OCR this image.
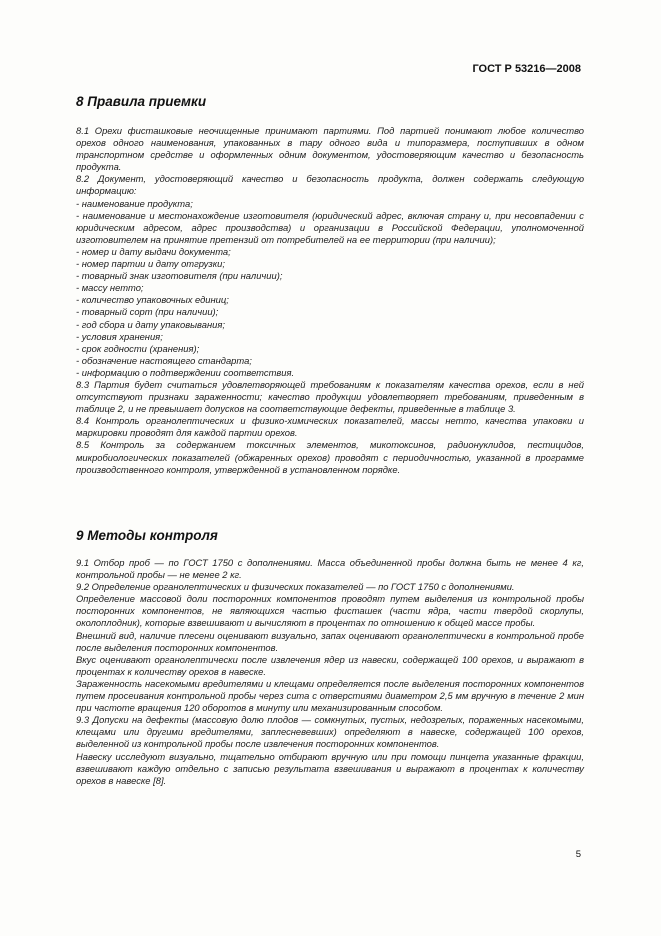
ГОСТ Р 53216—2008
8 Правила приемки

8.1 Орехи фисташковые неочищенные принимают партиями. Под партией понимают любое количество орехов одного наименования, упакованных в тару одного вида и типоразмера, поступивших в одном транспортном средстве и оформленных одним документом, удостоверяющим качество и безопасность продукта.

8.2 Документ, удостоверяющий качество и безопасность продукта, должен содержать следующую информацию:

- наименование продукта;

- наименование и местонахождение изготовителя (юридический адрес, включая страну и, при несовпадении с юридическим адресом, адрес производства) и организации в Российской Федерации, уполномоченной изготовителем на принятие претензий от потребителей на ее территории (при наличии);

- номер и дату выдачи документа;

- номер партии и дату отгрузки;

- товарный знак изготовителя (при наличии);

- массу нетто;

- количество упаковочных единиц;

- товарный сорт (при наличии);

- год сбора и дату упаковывания;

- условия хранения;

- срок годности (хранения);

- обозначение настоящего стандарта;

- информацию о подтверждении соответствия.

8.3 Партия будет считаться удовлетворяющей требованиям к показателям качества орехов, если в ней отсутствуют признаки зараженности; качество продукции удовлетворяет требованиям, приведенным в таблице 2, и не превышает допусков на соответствующие дефекты, приведенные в таблице 3.

8.4 Контроль органолептических и физико-химических показателей, массы нетто, качества упаковки и маркировки проводят для каждой партии орехов.

8.5 Контроль за содержанием токсичных элементов, микотоксинов, радионуклидов, пестицидов, микробиологических показателей (обжаренных орехов) проводят с периодичностью, указанной в программе производственного контроля, утвержденной в установленном порядке.

9 Методы контроля

9.1 Отбор проб — по ГОСТ 1750 с дополнениями. Масса объединенной пробы должна быть не менее 4 кг, контрольной пробы — не менее 2 кг.

9.2 Определение органолептических и физических показателей — по ГОСТ 1750 с дополнениями.

Определение массовой доли посторонних компонентов проводят путем выделения из контрольной пробы посторонних компонентов, не являющихся частью фисташек (части ядра, части твердой скорлупы, околоплодник), которые взвешивают и вычисляют в процентах по отношению к общей массе пробы.

Внешний вид, наличие плесени оценивают визуально, запах оценивают органолептически в контрольной пробе после выделения посторонних компонентов.

Вкус оценивают органолептически после извлечения ядер из навески, содержащей 100 орехов, и выражают в процентах к количеству орехов в навеске.

Зараженность насекомыми вредителями и клещами определяется после выделения посторонних компонентов путем просеивания контрольной пробы через сита с отверстиями диаметром 2,5 мм вручную в течение 2 мин при частоте вращения 120 оборотов в минуту или механизированным способом.

9.3 Допуски на дефекты (массовую долю плодов — сомкнутых, пустых, недозрелых, пораженных насекомыми, клещами или другими вредителями, заплесневевших) определяют в навеске, содержащей 100 орехов, выделенной из контрольной пробы после извлечения посторонних компонентов.

Навеску исследуют визуально, тщательно отбирают вручную или при помощи пинцета указанные фракции, взвешивают каждую отдельно с записью результата взвешивания и выражают в процентах к количеству орехов в навеске [8].

5
